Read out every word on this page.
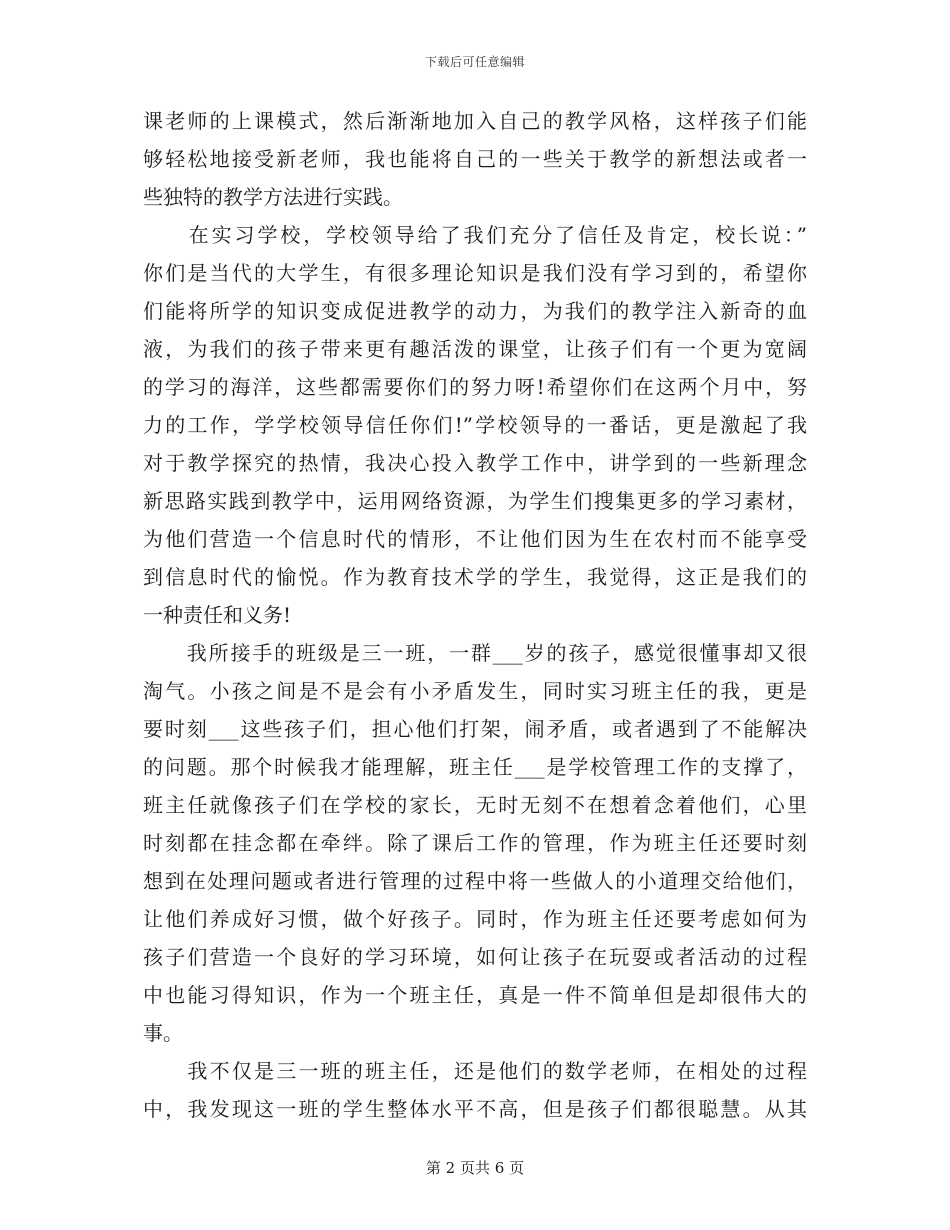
下载后可任意编辑
课老师的上课模式，然后渐渐地加入自己的教学风格，这样孩子们能
够轻松地接受新老师，我也能将自己的一些关于教学的新想法或者一
些独特的教学方法进行实践。
　　在实习学校，学校领导给了我们充分了信任及肯定，校长说：”
你们是当代的大学生，有很多理论知识是我们没有学习到的，希望你
们能将所学的知识变成促进教学的动力，为我们的教学注入新奇的血
液，为我们的孩子带来更有趣活泼的课堂，让孩子们有一个更为宽阔
的学习的海洋，这些都需要你们的努力呀!希望你们在这两个月中，努
力的工作，学学校领导信任你们!”学校领导的一番话，更是激起了我
对于教学探究的热情，我决心投入教学工作中，讲学到的一些新理念
新思路实践到教学中，运用网络资源，为学生们搜集更多的学习素材，
为他们营造一个信息时代的情形，不让他们因为生在农村而不能享受
到信息时代的愉悦。作为教育技术学的学生，我觉得，这正是我们的
一种责任和义务!
　　我所接手的班级是三一班，一群___岁的孩子，感觉很懂事却又很
淘气。小孩之间是不是会有小矛盾发生，同时实习班主任的我，更是
要时刻___这些孩子们，担心他们打架，闹矛盾，或者遇到了不能解决
的问题。那个时候我才能理解，班主任___是学校管理工作的支撑了，
班主任就像孩子们在学校的家长，无时无刻不在想着念着他们，心里
时刻都在挂念都在牵绊。除了课后工作的管理，作为班主任还要时刻
想到在处理问题或者进行管理的过程中将一些做人的小道理交给他们，
让他们养成好习惯，做个好孩子。同时，作为班主任还要考虑如何为
孩子们营造一个良好的学习环境，如何让孩子在玩耍或者活动的过程
中也能习得知识，作为一个班主任，真是一件不简单但是却很伟大的
事。
　　我不仅是三一班的班主任，还是他们的数学老师，在相处的过程
中，我发现这一班的学生整体水平不高，但是孩子们都很聪慧。从其
第 2 页共 6 页
